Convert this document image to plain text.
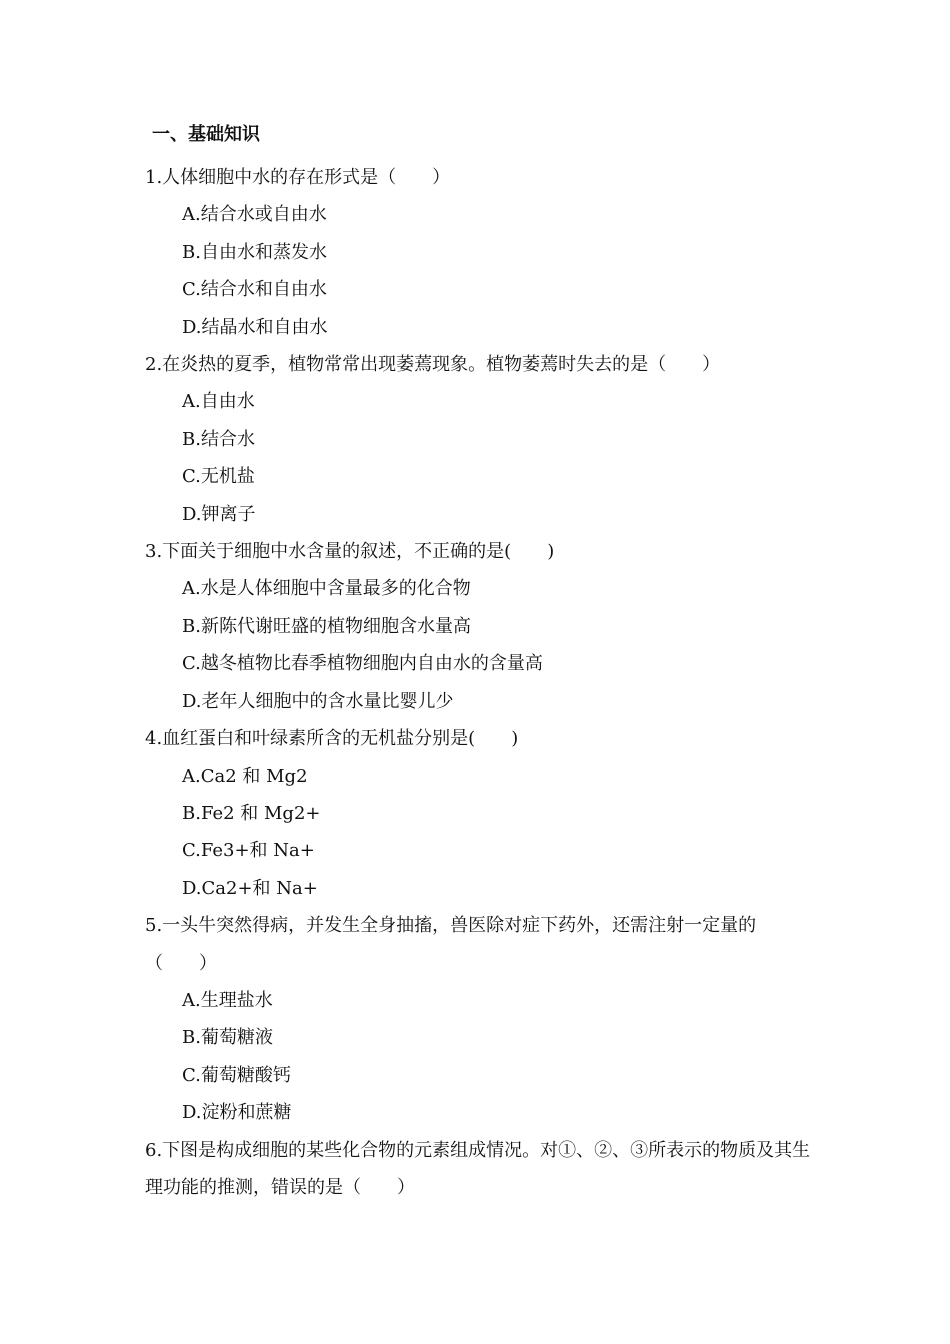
一、基础知识

1.人体细胞中水的存在形式是（　　）

A.结合水或自由水
B.自由水和蒸发水
C.结合水和自由水
D.结晶水和自由水

2.在炎热的夏季，植物常常出现萎蔫现象。植物萎蔫时失去的是（　　）

A.自由水
B.结合水
C.无机盐
D.钾离子

3.下面关于细胞中水含量的叙述，不正确的是(　　)

A.水是人体细胞中含量最多的化合物
B.新陈代谢旺盛的植物细胞含水量高
C.越冬植物比春季植物细胞内自由水的含量高
D.老年人细胞中的含水量比婴儿少

4.血红蛋白和叶绿素所含的无机盐分别是(　　)

A.Ca2 和 Mg2
B.Fe2 和 Mg2+
C.Fe3+和 Na+
D.Ca2+和 Na+

5.一头牛突然得病，并发生全身抽搐，兽医除对症下药外，还需注射一定量的（　　）

A.生理盐水
B.葡萄糖液
C.葡萄糖酸钙
D.淀粉和蔗糖

6.下图是构成细胞的某些化合物的元素组成情况。对①、②、③所表示的物质及其生理功能的推测，错误的是（　　）
